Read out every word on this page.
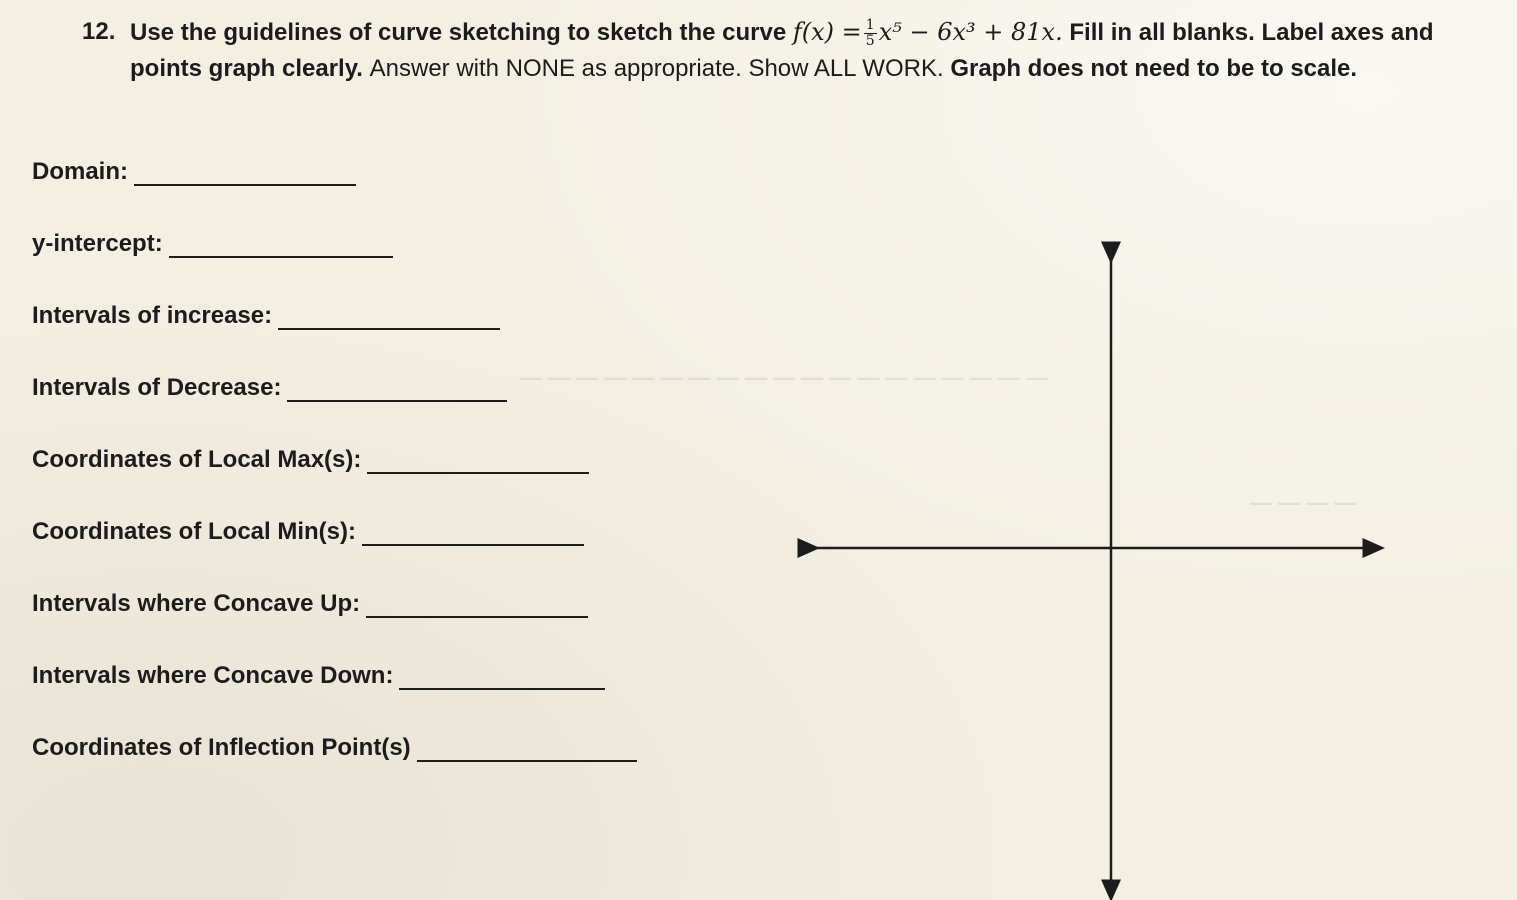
— — — — — — — — — — — — — — — — — — —
— — — —
12. Use the guidelines of curve sketching to sketch the curve $f(x) = \frac{1}{5} x^5 - 6x^3 + 81x$. Fill in all blanks. Label axes and points graph clearly. Answer with NONE as appropriate. Show ALL WORK. Graph does not need to be to scale.
Domain:
y-intercept:
Intervals of increase:
Intervals of Decrease:
Coordinates of Local Max(s):
Coordinates of Local Min(s):
Intervals where Concave Up:
Intervals where Concave Down:
Coordinates of Inflection Point(s)
